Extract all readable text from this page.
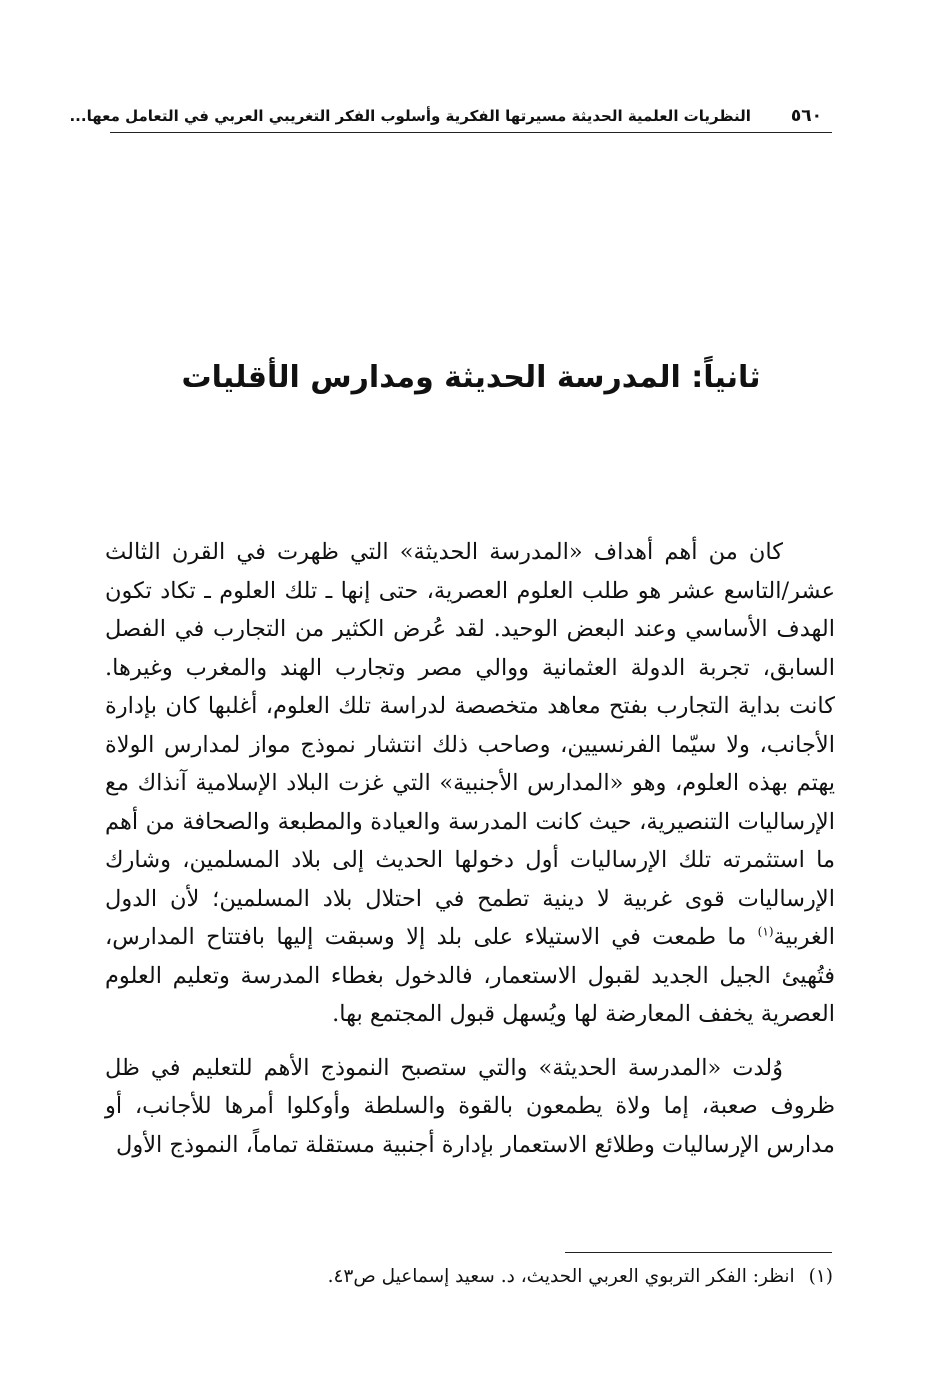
٥٦٠
النظريات العلمية الحديثة مسيرتها الفكرية وأسلوب الفكر التغريبي العربي في التعامل معها...
ثانياً: المدرسة الحديثة ومدارس الأقليات

كان من أهم أهداف «المدرسة الحديثة» التي ظهرت في القرن الثالث عشر/التاسع عشر هو طلب العلوم العصرية، حتى إنها ـ تلك العلوم ـ تكاد تكون الهدف الأساسي وعند البعض الوحيد. لقد عُرض الكثير من التجارب في الفصل السابق، تجربة الدولة العثمانية ووالي مصر وتجارب الهند والمغرب وغيرها. كانت بداية التجارب بفتح معاهد متخصصة لدراسة تلك العلوم، أغلبها كان بإدارة الأجانب، ولا سيّما الفرنسيين، وصاحب ذلك انتشار نموذج مواز لمدارس الولاة يهتم بهذه العلوم، وهو «المدارس الأجنبية» التي غزت البلاد الإسلامية آنذاك مع الإرساليات التنصيرية، حيث كانت المدرسة والعيادة والمطبعة والصحافة من أهم ما استثمرته تلك الإرساليات أول دخولها الحديث إلى بلاد المسلمين، وشارك الإرساليات قوى غربية لا دينية تطمح في احتلال بلاد المسلمين؛ لأن الدول الغربية$^{(١)}$ ما طمعت في الاستيلاء على بلد إلا وسبقت إليها بافتتاح المدارس، فتُهيئ الجيل الجديد لقبول الاستعمار، فالدخول بغطاء المدرسة وتعليم العلوم العصرية يخفف المعارضة لها ويُسهل قبول المجتمع بها.

وُلدت «المدرسة الحديثة» والتي ستصبح النموذج الأهم للتعليم في ظل ظروف صعبة، إما ولاة يطمعون بالقوة والسلطة وأوكلوا أمرها للأجانب، أو مدارس الإرساليات وطلائع الاستعمار بإدارة أجنبية مستقلة تماماً، النموذج الأول

(١)انظر: الفكر التربوي العربي الحديث، د. سعيد إسماعيل ص٤٣.
